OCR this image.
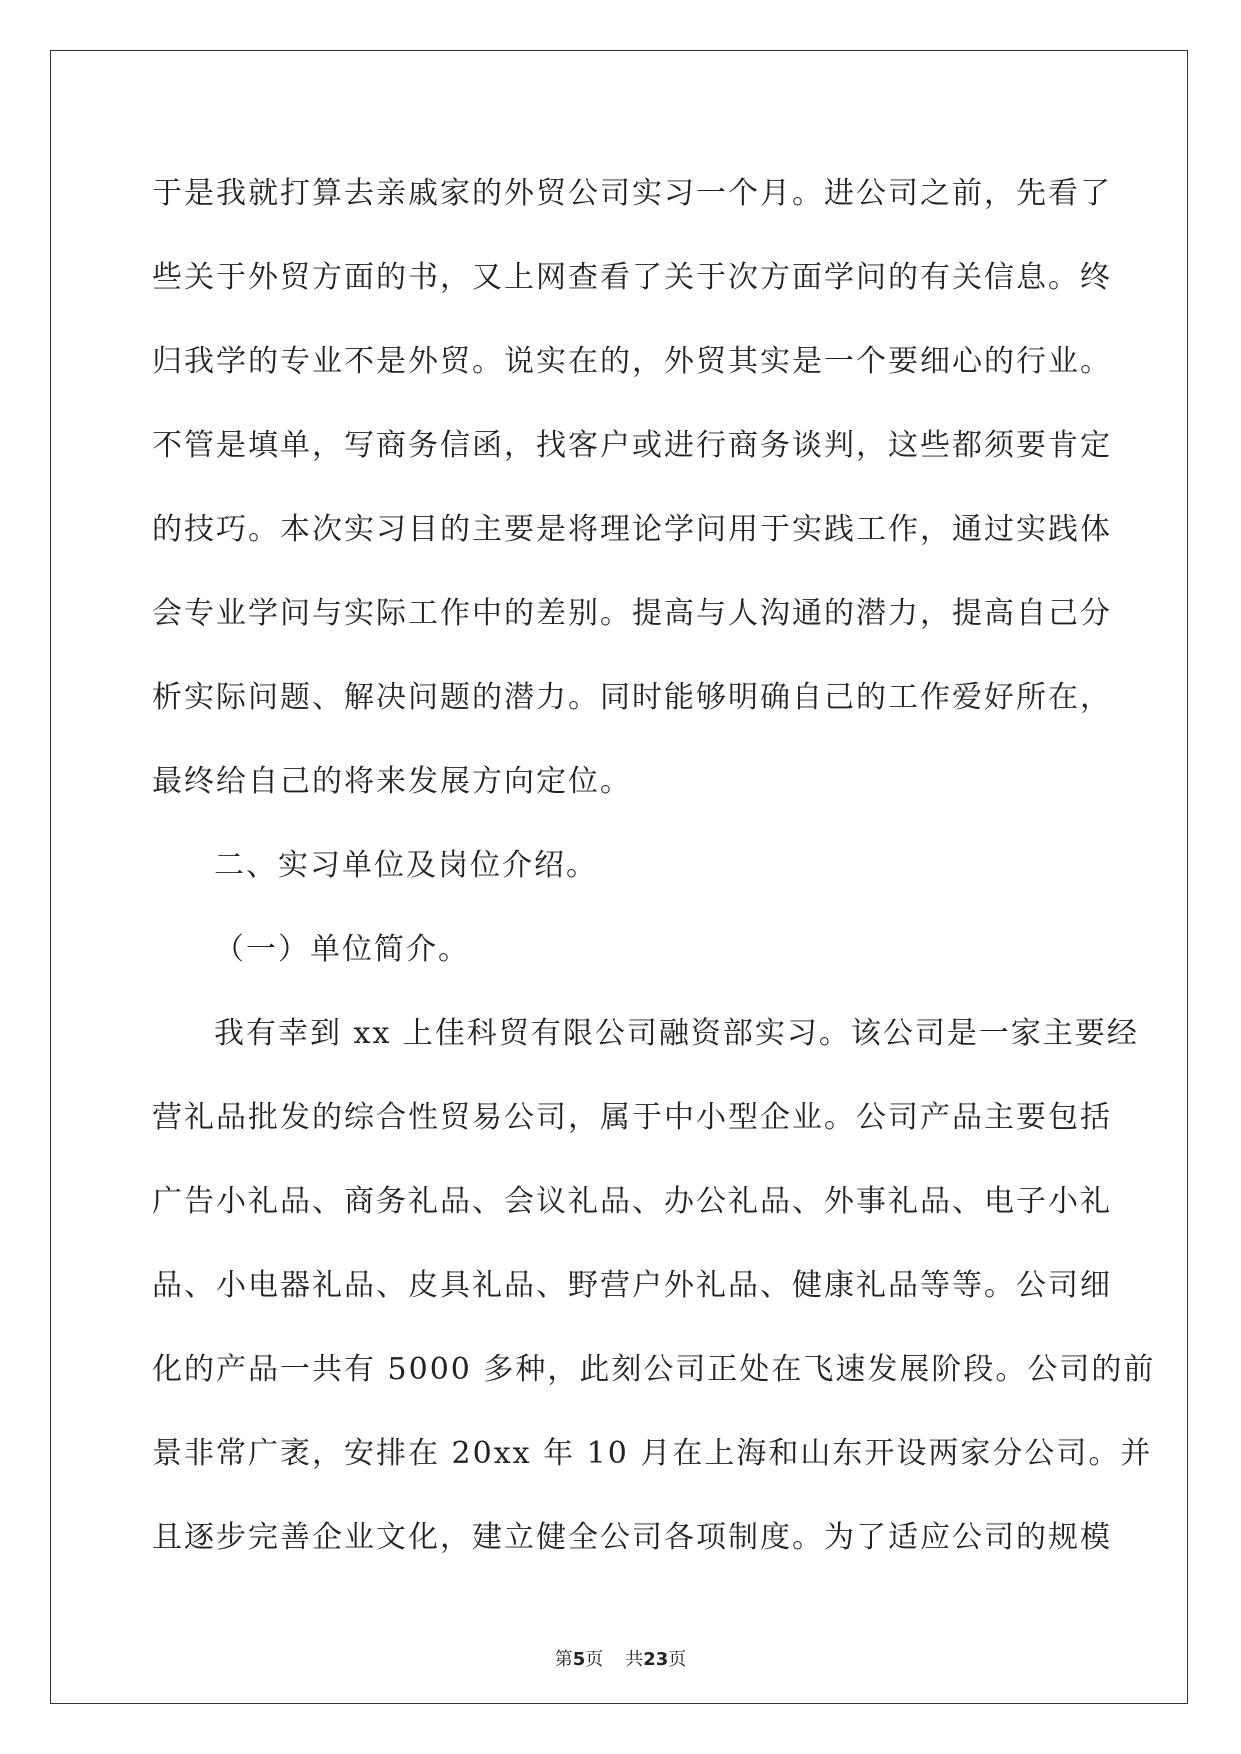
于是我就打算去亲戚家的外贸公司实习一个月。进公司之前，先看了
些关于外贸方面的书，又上网查看了关于次方面学问的有关信息。终
归我学的专业不是外贸。说实在的，外贸其实是一个要细心的行业。
不管是填单，写商务信函，找客户或进行商务谈判，这些都须要肯定
的技巧。本次实习目的主要是将理论学问用于实践工作，通过实践体
会专业学问与实际工作中的差别。提高与人沟通的潜力，提高自己分
析实际问题、解决问题的潜力。同时能够明确自己的工作爱好所在，
最终给自己的将来发展方向定位。
二、实习单位及岗位介绍。
（一）单位简介。
我有幸到 xx 上佳科贸有限公司融资部实习。该公司是一家主要经
营礼品批发的综合性贸易公司，属于中小型企业。公司产品主要包括
广告小礼品、商务礼品、会议礼品、办公礼品、外事礼品、电子小礼
品、小电器礼品、皮具礼品、野营户外礼品、健康礼品等等。公司细
化的产品一共有 5000 多种，此刻公司正处在飞速发展阶段。公司的前
景非常广袤，安排在 20xx 年 10 月在上海和山东开设两家分公司。并
且逐步完善企业文化，建立健全公司各项制度。为了适应公司的规模
第5页 共23页
